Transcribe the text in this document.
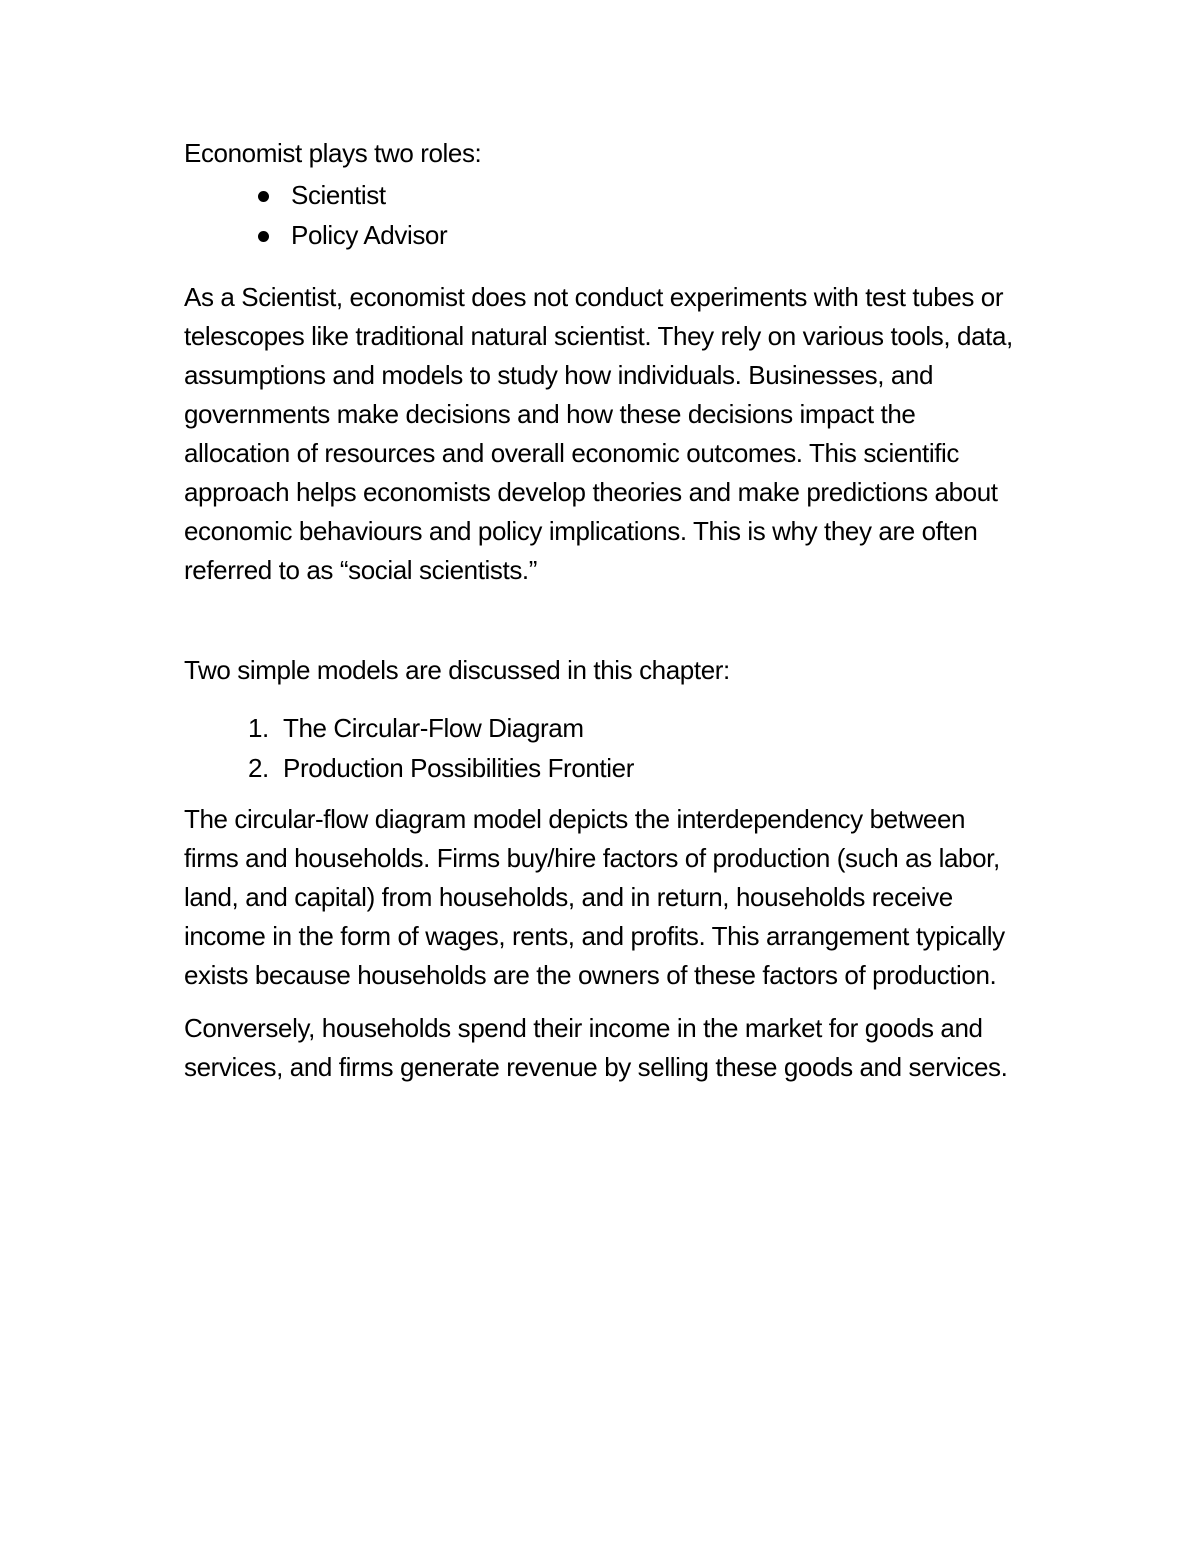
Economist plays two roles:

Scientist
Policy Advisor

As a Scientist, economist does not conduct experiments with test tubes or telescopes like traditional natural scientist. They rely on various tools, data, assumptions and models to study how individuals. Businesses, and governments make decisions and how these decisions impact the allocation of resources and overall economic outcomes. This scientific approach helps economists develop theories and make predictions about economic behaviours and policy implications. This is why they are often referred to as “social scientists.”

Two simple models are discussed in this chapter:

1. The Circular-Flow Diagram
2. Production Possibilities Frontier

The circular-flow diagram model depicts the interdependency between firms and households. Firms buy/hire factors of production (such as labor, land, and capital) from households, and in return, households receive income in the form of wages, rents, and profits. This arrangement typically exists because households are the owners of these factors of production.

Conversely, households spend their income in the market for goods and services, and firms generate revenue by selling these goods and services.
